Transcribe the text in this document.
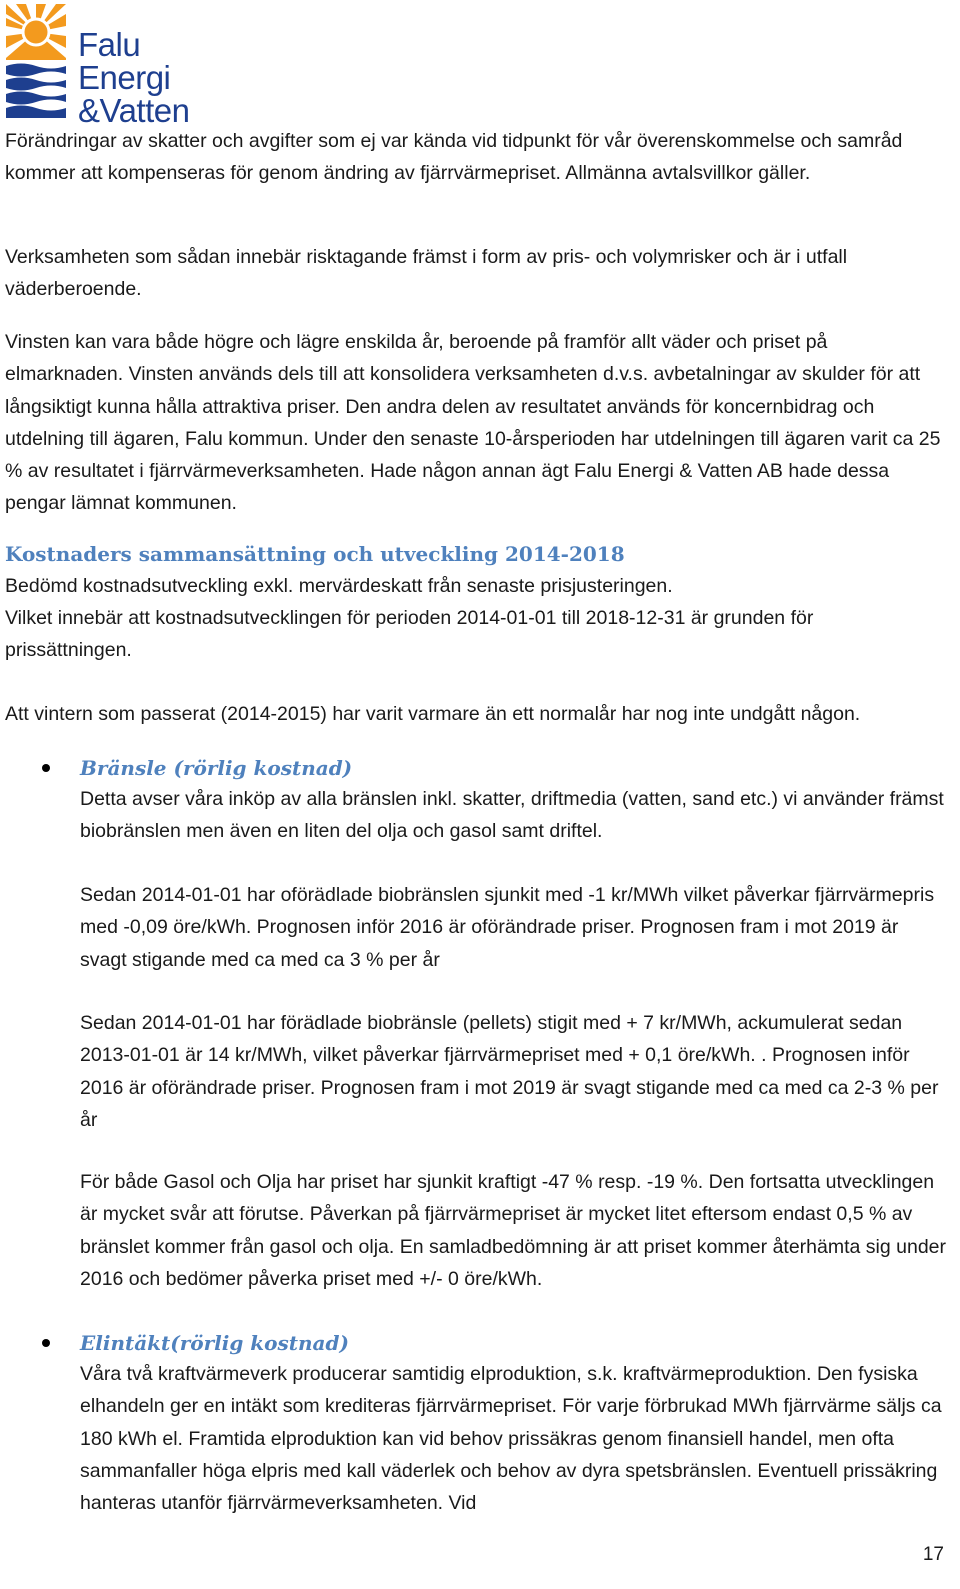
Falu
Energi
&Vatten

Förändringar av skatter och avgifter som ej var kända vid tidpunkt för vår överenskommelse och samråd kommer att kompenseras för genom ändring av fjärrvärmepriset. Allmänna avtalsvillkor gäller.

Verksamheten som sådan innebär risktagande främst i form av pris- och volymrisker och är i utfall väderberoende.

Vinsten kan vara både högre och lägre enskilda år, beroende på framför allt väder och priset på elmarknaden. Vinsten används dels till att konsolidera verksamheten d.v.s. avbetalningar av skulder för att långsiktigt kunna hålla attraktiva priser. Den andra delen av resultatet används för koncernbidrag och utdelning till ägaren, Falu kommun. Under den senaste 10-årsperioden har utdelningen till ägaren varit ca 25 % av resultatet i fjärrvärmeverksamheten. Hade någon annan ägt Falu Energi & Vatten AB hade dessa pengar lämnat kommunen.

Kostnaders sammansättning och utveckling 2014-2018

Bedömd kostnadsutveckling exkl. mervärdeskatt från senaste prisjusteringen.

Vilket innebär att kostnadsutvecklingen för perioden 2014-01-01 till 2018-12-31 är grunden för prissättningen.

Att vintern som passerat (2014-2015) har varit varmare än ett normalår har nog inte undgått någon.

Bränsle (rörlig kostnad)

Detta avser våra inköp av alla bränslen inkl. skatter, driftmedia (vatten, sand etc.) vi använder främst biobränslen men även en liten del olja och gasol samt driftel.

Sedan 2014-01-01 har oförädlade biobränslen sjunkit med -1 kr/MWh vilket påverkar fjärrvärmepris med -0,09 öre/kWh. Prognosen inför 2016 är oförändrade priser. Prognosen fram i mot 2019 är svagt stigande med ca med ca 3 % per år

Sedan 2014-01-01 har förädlade biobränsle (pellets) stigit med + 7 kr/MWh, ackumulerat sedan 2013-01-01 är 14 kr/MWh, vilket påverkar fjärrvärmepriset med + 0,1 öre/kWh. . Prognosen inför 2016 är oförändrade priser. Prognosen fram i mot 2019 är svagt stigande med ca med ca 2-3 % per år

För både Gasol och Olja har priset har sjunkit kraftigt -47 % resp. -19 %. Den fortsatta utvecklingen är mycket svår att förutse. Påverkan på fjärrvärmepriset är mycket litet eftersom endast 0,5 % av bränslet kommer från gasol och olja. En samladbedömning är att priset kommer återhämta sig under 2016 och bedömer påverka priset med +/- 0 öre/kWh.

Elintäkt(rörlig kostnad)

Våra två kraftvärmeverk producerar samtidig elproduktion, s.k. kraftvärmeproduktion. Den fysiska elhandeln ger en intäkt som krediteras fjärrvärmepriset. För varje förbrukad MWh fjärrvärme säljs ca 180 kWh el. Framtida elproduktion kan vid behov prissäkras genom finansiell handel, men ofta sammanfaller höga elpris med kall väderlek och behov av dyra spetsbränslen. Eventuell prissäkring hanteras utanför fjärrvärmeverksamheten. Vid

17
